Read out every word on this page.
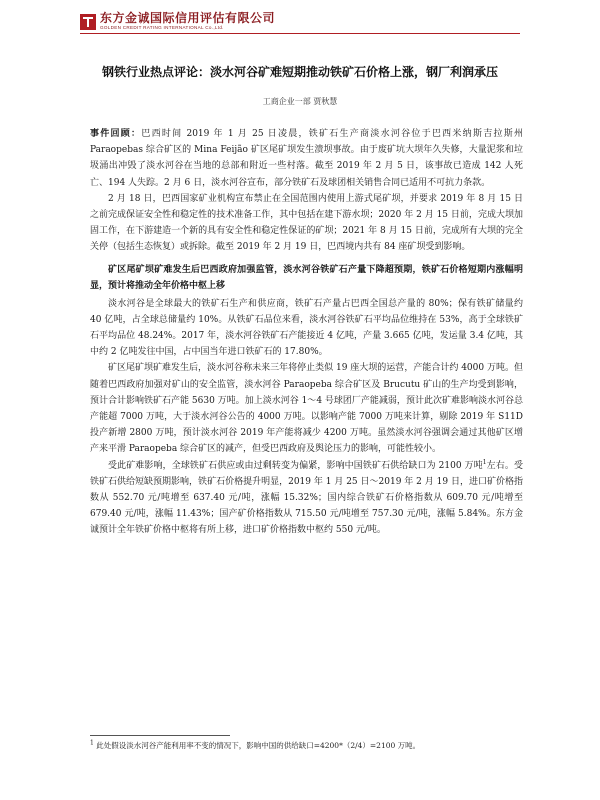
东方金诚国际信用评估有限公司
GOLDEN CREDIT RATING INTERNATIONAL Co.,Ltd.
钢铁行业热点评论：淡水河谷矿难短期推动铁矿石价格上涨，钢厂利润承压
工商企业一部 贾秋慧

事件回顾：巴西时间 2019 年 1 月 25 日凌晨，铁矿石生产商淡水河谷位于巴西米纳斯吉拉斯州 Paraopebas 综合矿区的 Mina Feijão 矿区尾矿坝发生溃坝事故。由于废矿坑大坝年久失修，大量泥浆和垃圾涌出冲毁了淡水河谷在当地的总部和附近一些村落。截至 2019 年 2 月 5 日，该事故已造成 142 人死亡、194 人失踪。2 月 6 日，淡水河谷宣布，部分铁矿石及球团相关销售合同已适用不可抗力条款。

2 月 18 日，巴西国家矿业机构宣布禁止在全国范围内使用上游式尾矿坝，并要求 2019 年 8 月 15 日之前完成保证安全性和稳定性的技术准备工作，其中包括在建下游水坝；2020 年 2 月 15 日前，完成大坝加固工作，在下游建造一个新的具有安全性和稳定性保证的矿坝；2021 年 8 月 15 日前，完成所有大坝的完全关停（包括生态恢复）或拆除。截至 2019 年 2 月 19 日，巴西境内共有 84 座矿坝受到影响。

矿区尾矿坝矿难发生后巴西政府加强监管，淡水河谷铁矿石产量下降超预期，铁矿石价格短期内涨幅明显，预计将推动全年价格中枢上移

淡水河谷是全球最大的铁矿石生产和供应商，铁矿石产量占巴西全国总产量的 80%；保有铁矿储量约 40 亿吨，占全球总储量约 10%。从铁矿石品位来看，淡水河谷铁矿石平均品位维持在 53%，高于全球铁矿石平均品位 48.24%。2017 年，淡水河谷铁矿石产能接近 4 亿吨，产量 3.665 亿吨，发运量 3.4 亿吨，其中约 2 亿吨发往中国，占中国当年进口铁矿石的 17.80%。

矿区尾矿坝矿难发生后，淡水河谷称未来三年将停止类似 19 座大坝的运营，产能合计约 4000 万吨。但随着巴西政府加强对矿山的安全监管，淡水河谷 Paraopeba 综合矿区及 Brucutu 矿山的生产均受到影响，预计合计影响铁矿石产能 5630 万吨。加上淡水河谷 1～4 号球团厂产能减弱，预计此次矿难影响淡水河谷总产能超 7000 万吨，大于淡水河谷公告的 4000 万吨。以影响产能 7000 万吨来计算，剔除 2019 年 S11D 投产新增 2800 万吨，预计淡水河谷 2019 年产能将减少 4200 万吨。虽然淡水河谷强调会通过其他矿区增产来平滑 Paraopeba 综合矿区的减产，但受巴西政府及舆论压力的影响，可能性较小。

受此矿难影响，全球铁矿石供应或由过剩转变为偏紧，影响中国铁矿石供给缺口为 2100 万吨$^1$左右。受铁矿石供给短缺预期影响，铁矿石价格提升明显，2019 年 1 月 25 日～2019 年 2 月 19 日，进口矿价格指数从 552.70 元/吨增至 637.40 元/吨，涨幅 15.32%；国内综合铁矿石价格指数从 609.70 元/吨增至 679.40 元/吨，涨幅 11.43%；国产矿价格指数从 715.50 元/吨增至 757.30 元/吨，涨幅 5.84%。东方金诚预计全年铁矿价格中枢将有所上移，进口矿价格指数中枢约 550 元/吨。

$^1$ 此处假设淡水河谷产能利用率不变的情况下，影响中国的供给缺口=4200*（2/4）=2100 万吨。
